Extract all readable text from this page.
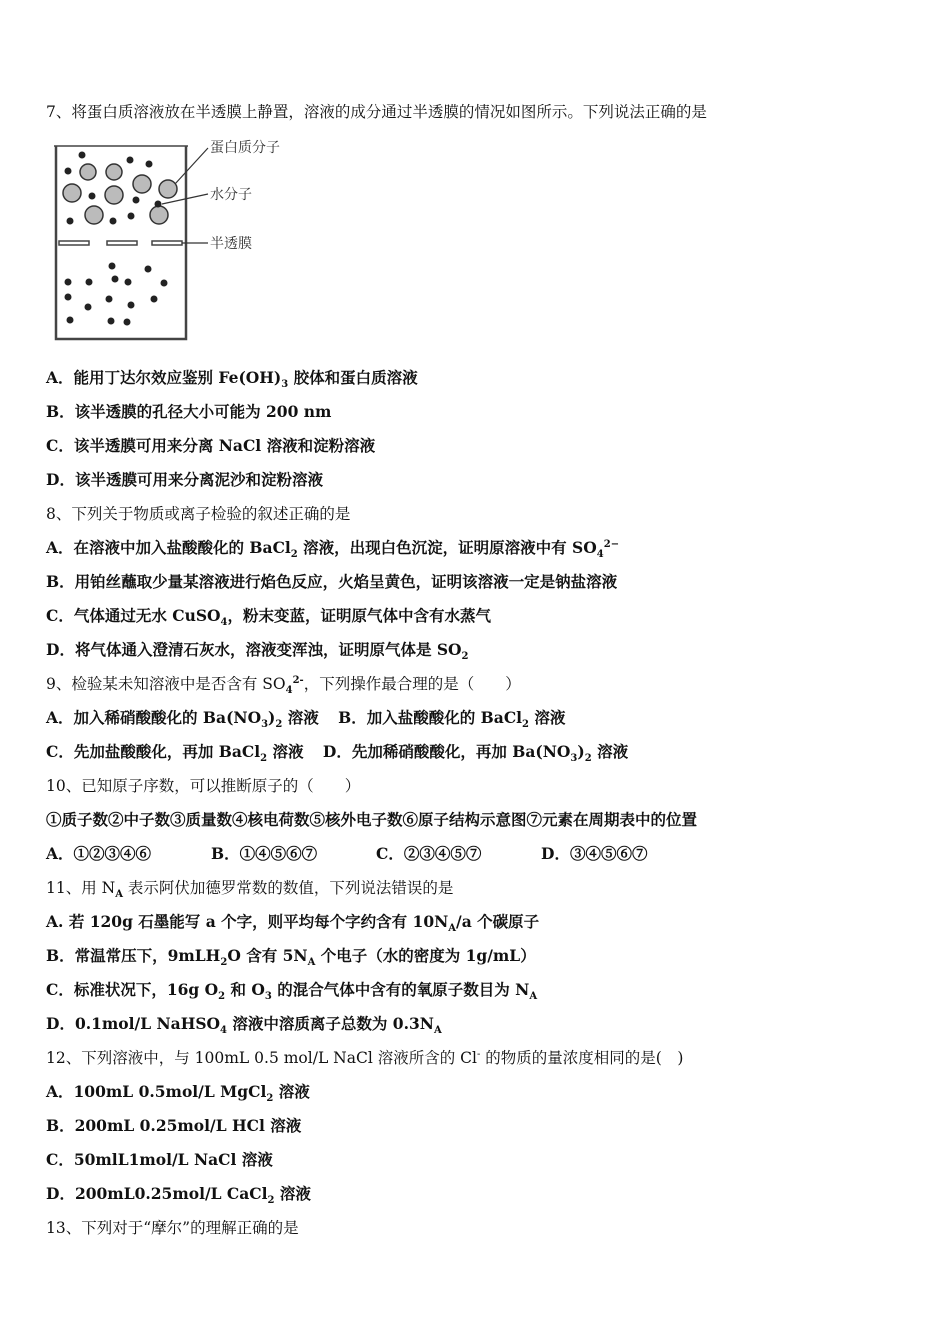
7、将蛋白质溶液放在半透膜上静置，溶液的成分通过半透膜的情况如图所示。下列说法正确的是
蛋白质分子
水分子
半透膜
A．能用丁达尔效应鉴别 $Fe(OH)_3$ 胶体和蛋白质溶液
B．该半透膜的孔径大小可能为 200 nm
C．该半透膜可用来分离 NaCl 溶液和淀粉溶液
D．该半透膜可用来分离泥沙和淀粉溶液
8、下列关于物质或离子检验的叙述正确的是
A．在溶液中加入盐酸酸化的 BaCl$_2$ 溶液，出现白色沉淀，证明原溶液中有 $SO_4^{2-}$
B．用铂丝蘸取少量某溶液进行焰色反应，火焰呈黄色，证明该溶液一定是钠盐溶液
C．气体通过无水 CuSO$_4$，粉末变蓝，证明原气体中含有水蒸气
D．将气体通入澄清石灰水，溶液变浑浊，证明原气体是 $SO_2$
9、检验某未知溶液中是否含有 $SO_4^{2-}$，下列操作最合理的是（　　）
A．加入稀硝酸酸化的 $Ba(NO_3)_2$ 溶液 B．加入盐酸酸化的 BaCl$_2$ 溶液
C．先加盐酸酸化，再加 BaCl$_2$ 溶液 D．先加稀硝酸酸化，再加 $Ba(NO_3)_2$ 溶液
10、已知原子序数，可以推断原子的（　　）
①质子数②中子数③质量数④核电荷数⑤核外电子数⑥原子结构示意图⑦元素在周期表中的位置
A．①②③④⑥	B．①④⑤⑥⑦	C．②③④⑤⑦	D．③④⑤⑥⑦
11、用 $N_A$ 表示阿伏加德罗常数的数值，下列说法错误的是
A. 若 120g 石墨能写 a 个字，则平均每个字约含有 $10N_A/a$ 个碳原子
B．常温常压下，9mLH$_2$O 含有 $5N_A$ 个电子（水的密度为 1g/mL）
C．标准状况下，16g $O_2$ 和 $O_3$ 的混合气体中含有的氧原子数目为 $N_A$
D．0.1mol/L NaHSO$_4$ 溶液中溶质离子总数为 $0.3N_A$
12、下列溶液中，与 100mL 0.5 mol/L NaCl 溶液所含的 Cl- 的物质的量浓度相同的是(　)
A．100mL 0.5mol/L MgCl$_2$ 溶液
B．200mL 0.25mol/L HCl 溶液
C．50mlL1mol/L NaCl 溶液
D．200mL0.25mol/L CaCl$_2$ 溶液
13、下列对于“摩尔”的理解正确的是
